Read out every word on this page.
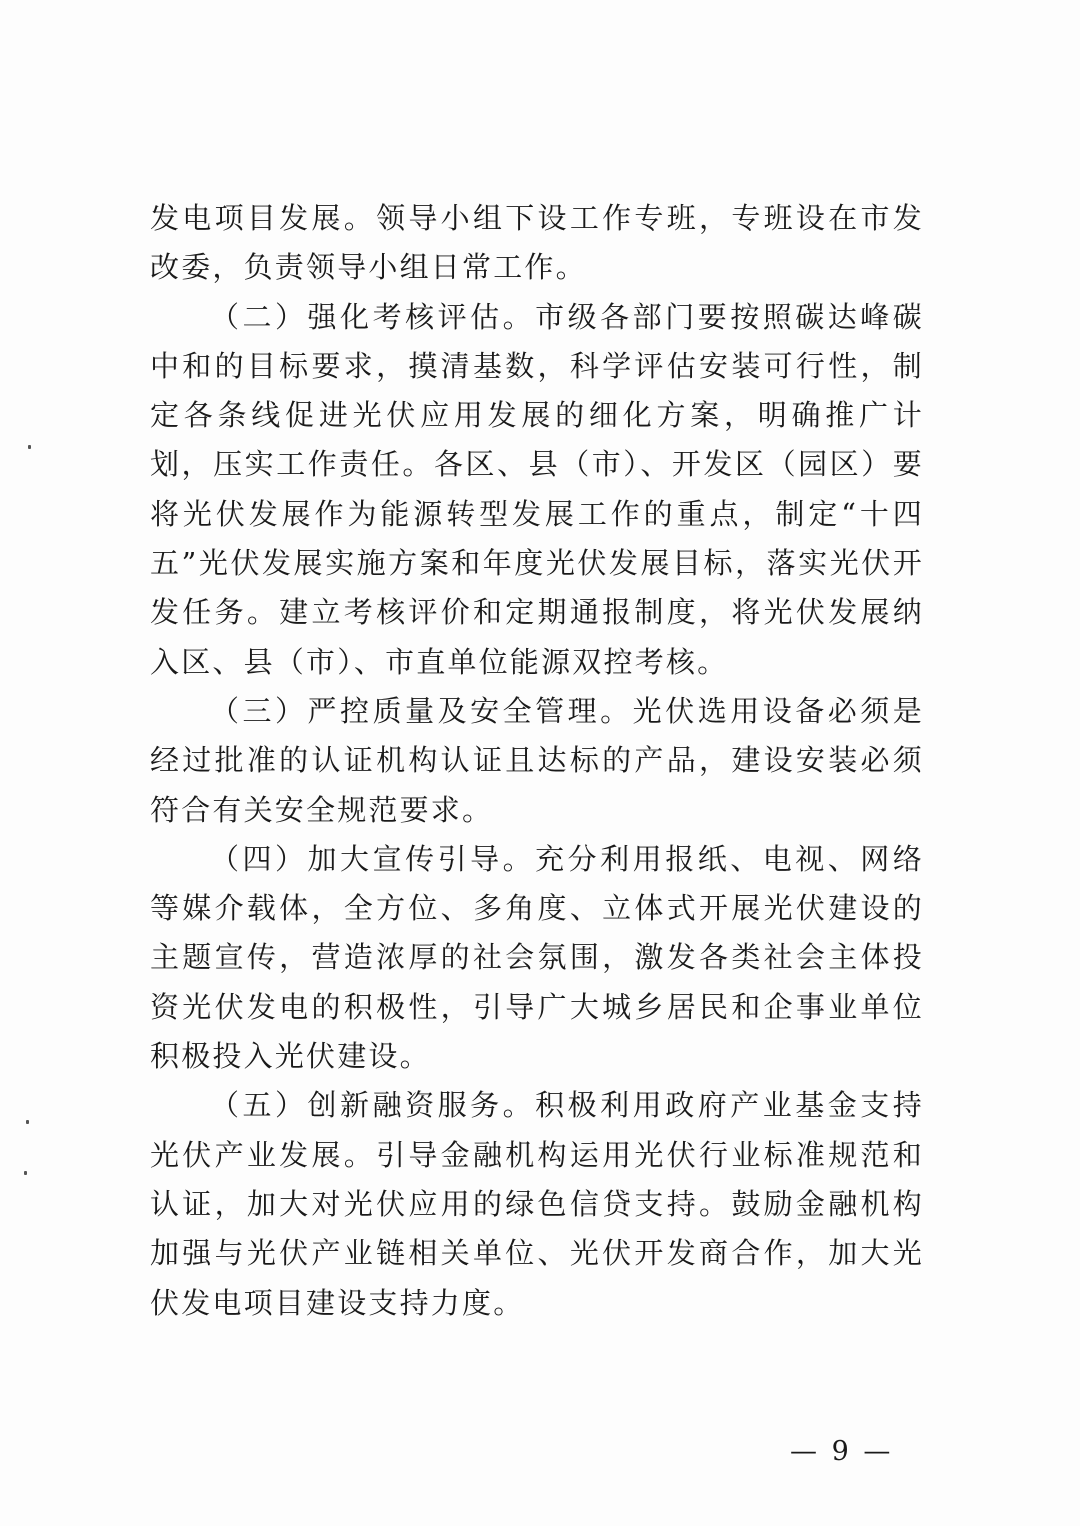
发电项目发展。领导小组下设工作专班，专班设在市发改委，负责领导小组日常工作。

（二）强化考核评估。市级各部门要按照碳达峰碳中和的目标要求，摸清基数，科学评估安装可行性，制定各条线促进光伏应用发展的细化方案，明确推广计划，压实工作责任。各区、县（市）、开发区（园区）要将光伏发展作为能源转型发展工作的重点，制定“十四五”光伏发展实施方案和年度光伏发展目标，落实光伏开发任务。建立考核评价和定期通报制度，将光伏发展纳入区、县（市）、市直单位能源双控考核。

（三）严控质量及安全管理。光伏选用设备必须是经过批准的认证机构认证且达标的产品，建设安装必须符合有关安全规范要求。

（四）加大宣传引导。充分利用报纸、电视、网络等媒介载体，全方位、多角度、立体式开展光伏建设的主题宣传，营造浓厚的社会氛围，激发各类社会主体投资光伏发电的积极性，引导广大城乡居民和企事业单位积极投入光伏建设。

（五）创新融资服务。积极利用政府产业基金支持光伏产业发展。引导金融机构运用光伏行业标准规范和认证，加大对光伏应用的绿色信贷支持。鼓励金融机构加强与光伏产业链相关单位、光伏开发商合作，加大光伏发电项目建设支持力度。

— 9 —
